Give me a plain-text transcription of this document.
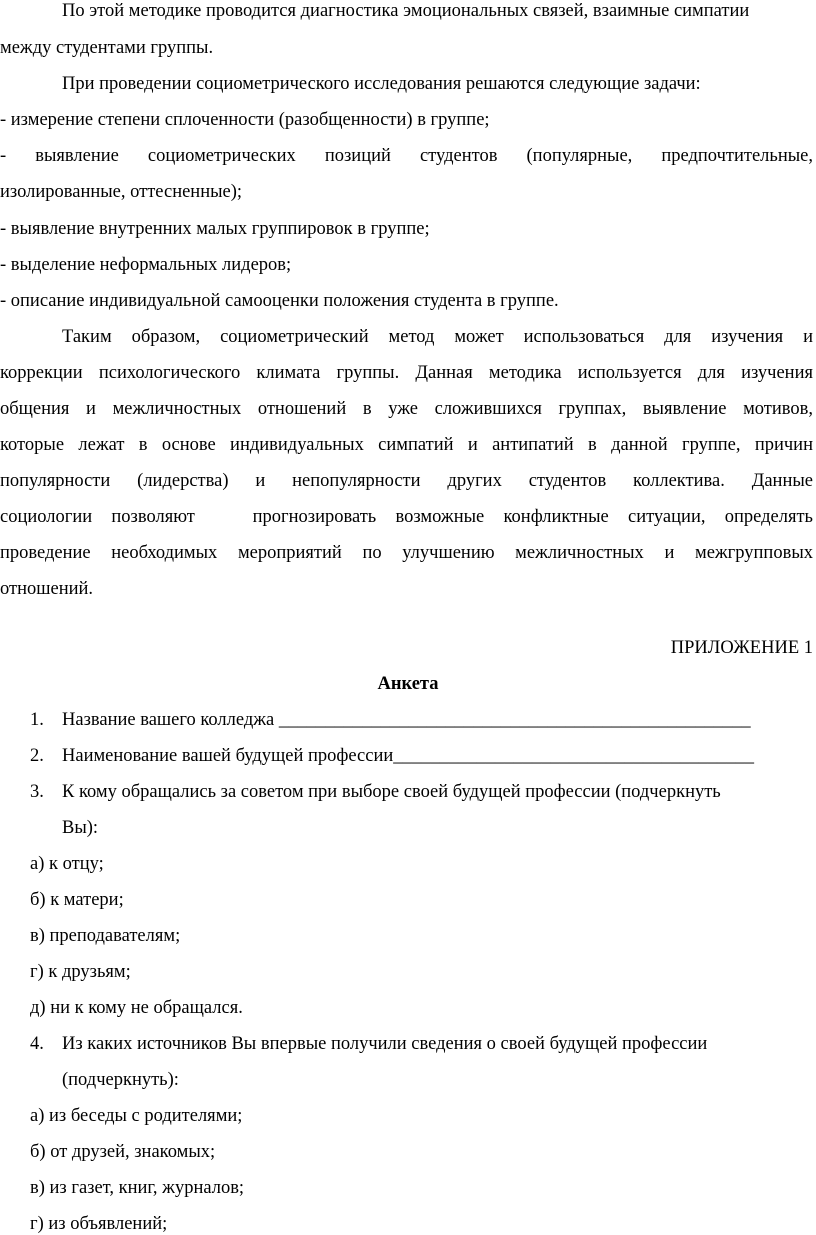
По этой методике проводится диагностика эмоциональных связей, взаимные симпатии
между студентами группы.
При проведении социометрического исследования решаются следующие задачи:
- измерение степени сплоченности (разобщенности) в группе;
- выявление социометрических позиций студентов (популярные, предпочтительные,
изолированные, оттесненные);
- выявление внутренних малых группировок в группе;
- выделение неформальных лидеров;
- описание индивидуальной самооценки положения студента в группе.
Таким образом, социометрический метод может использоваться для изучения и
коррекции психологического климата группы. Данная методика используется для изучения
общения и межличностных отношений в уже сложившихся группах, выявление мотивов,
которые лежат в основе индивидуальных симпатий и антипатий в данной группе, причин
популярности (лидерства) и непопулярности других студентов коллектива. Данные
социологии позволяют   прогнозировать возможные конфликтные ситуации, определять
проведение необходимых мероприятий по улучшению межличностных и межгрупповых
отношений.
ПРИЛОЖЕНИЕ 1
Анкета
1. Название вашего колледжа ___________________________________________________
2. Наименование вашей будущей профессии_______________________________________
3. К кому обращались за советом при выборе своей будущей профессии (подчеркнуть
Вы):
а) к отцу;
б) к матери;
в) преподавателям;
г) к друзьям;
д) ни к кому не обращался.
4. Из каких источников Вы впервые получили сведения о своей будущей профессии
(подчеркнуть):
а) из беседы с родителями;
б) от друзей, знакомых;
в) из газет, книг, журналов;
г) из объявлений;
